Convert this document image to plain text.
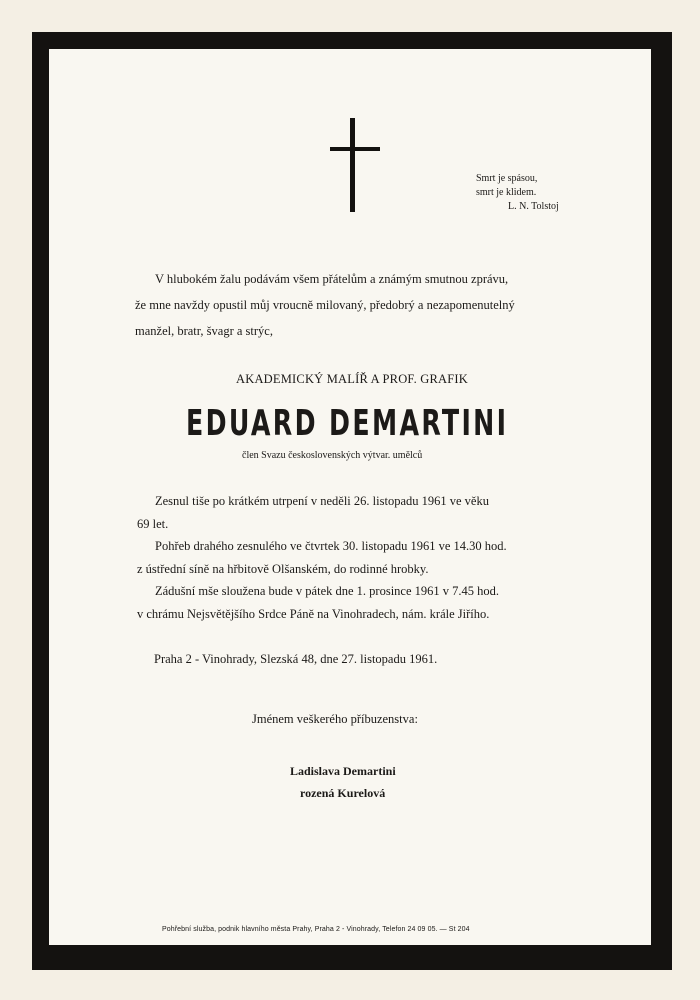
Smrt je spásou,
smrt je klidem.
L. N. Tolstoj
V hlubokém žalu podávám všem přátelům a známým smutnou zprávu,
že mne navždy opustil můj vroucně milovaný, předobrý a nezapomenutelný
manžel, bratr, švagr a strýc,
AKADEMICKÝ MALÍŘ A PROF. GRAFIK
EDUARD DEMARTINI
člen Svazu československých výtvar. umělců
Zesnul tiše po krátkém utrpení v neděli 26. listopadu 1961 ve věku
69 let.
Pohřeb drahého zesnulého ve čtvrtek 30. listopadu 1961 ve 14.30 hod.
z ústřední síně na hřbitově Olšanském, do rodinné hrobky.
Zádušní mše sloužena bude v pátek dne 1. prosince 1961 v 7.45 hod.
v chrámu Nejsvětějšího Srdce Páně na Vinohradech, nám. krále Jiřího.
Praha 2 - Vinohrady, Slezská 48, dne 27. listopadu 1961.
Jménem veškerého příbuzenstva:
Ladislava Demartini
rozená Kurelová
Pohřební služba, podnik hlavního města Prahy, Praha 2 - Vinohrady, Telefon 24 09 05. — St 204
